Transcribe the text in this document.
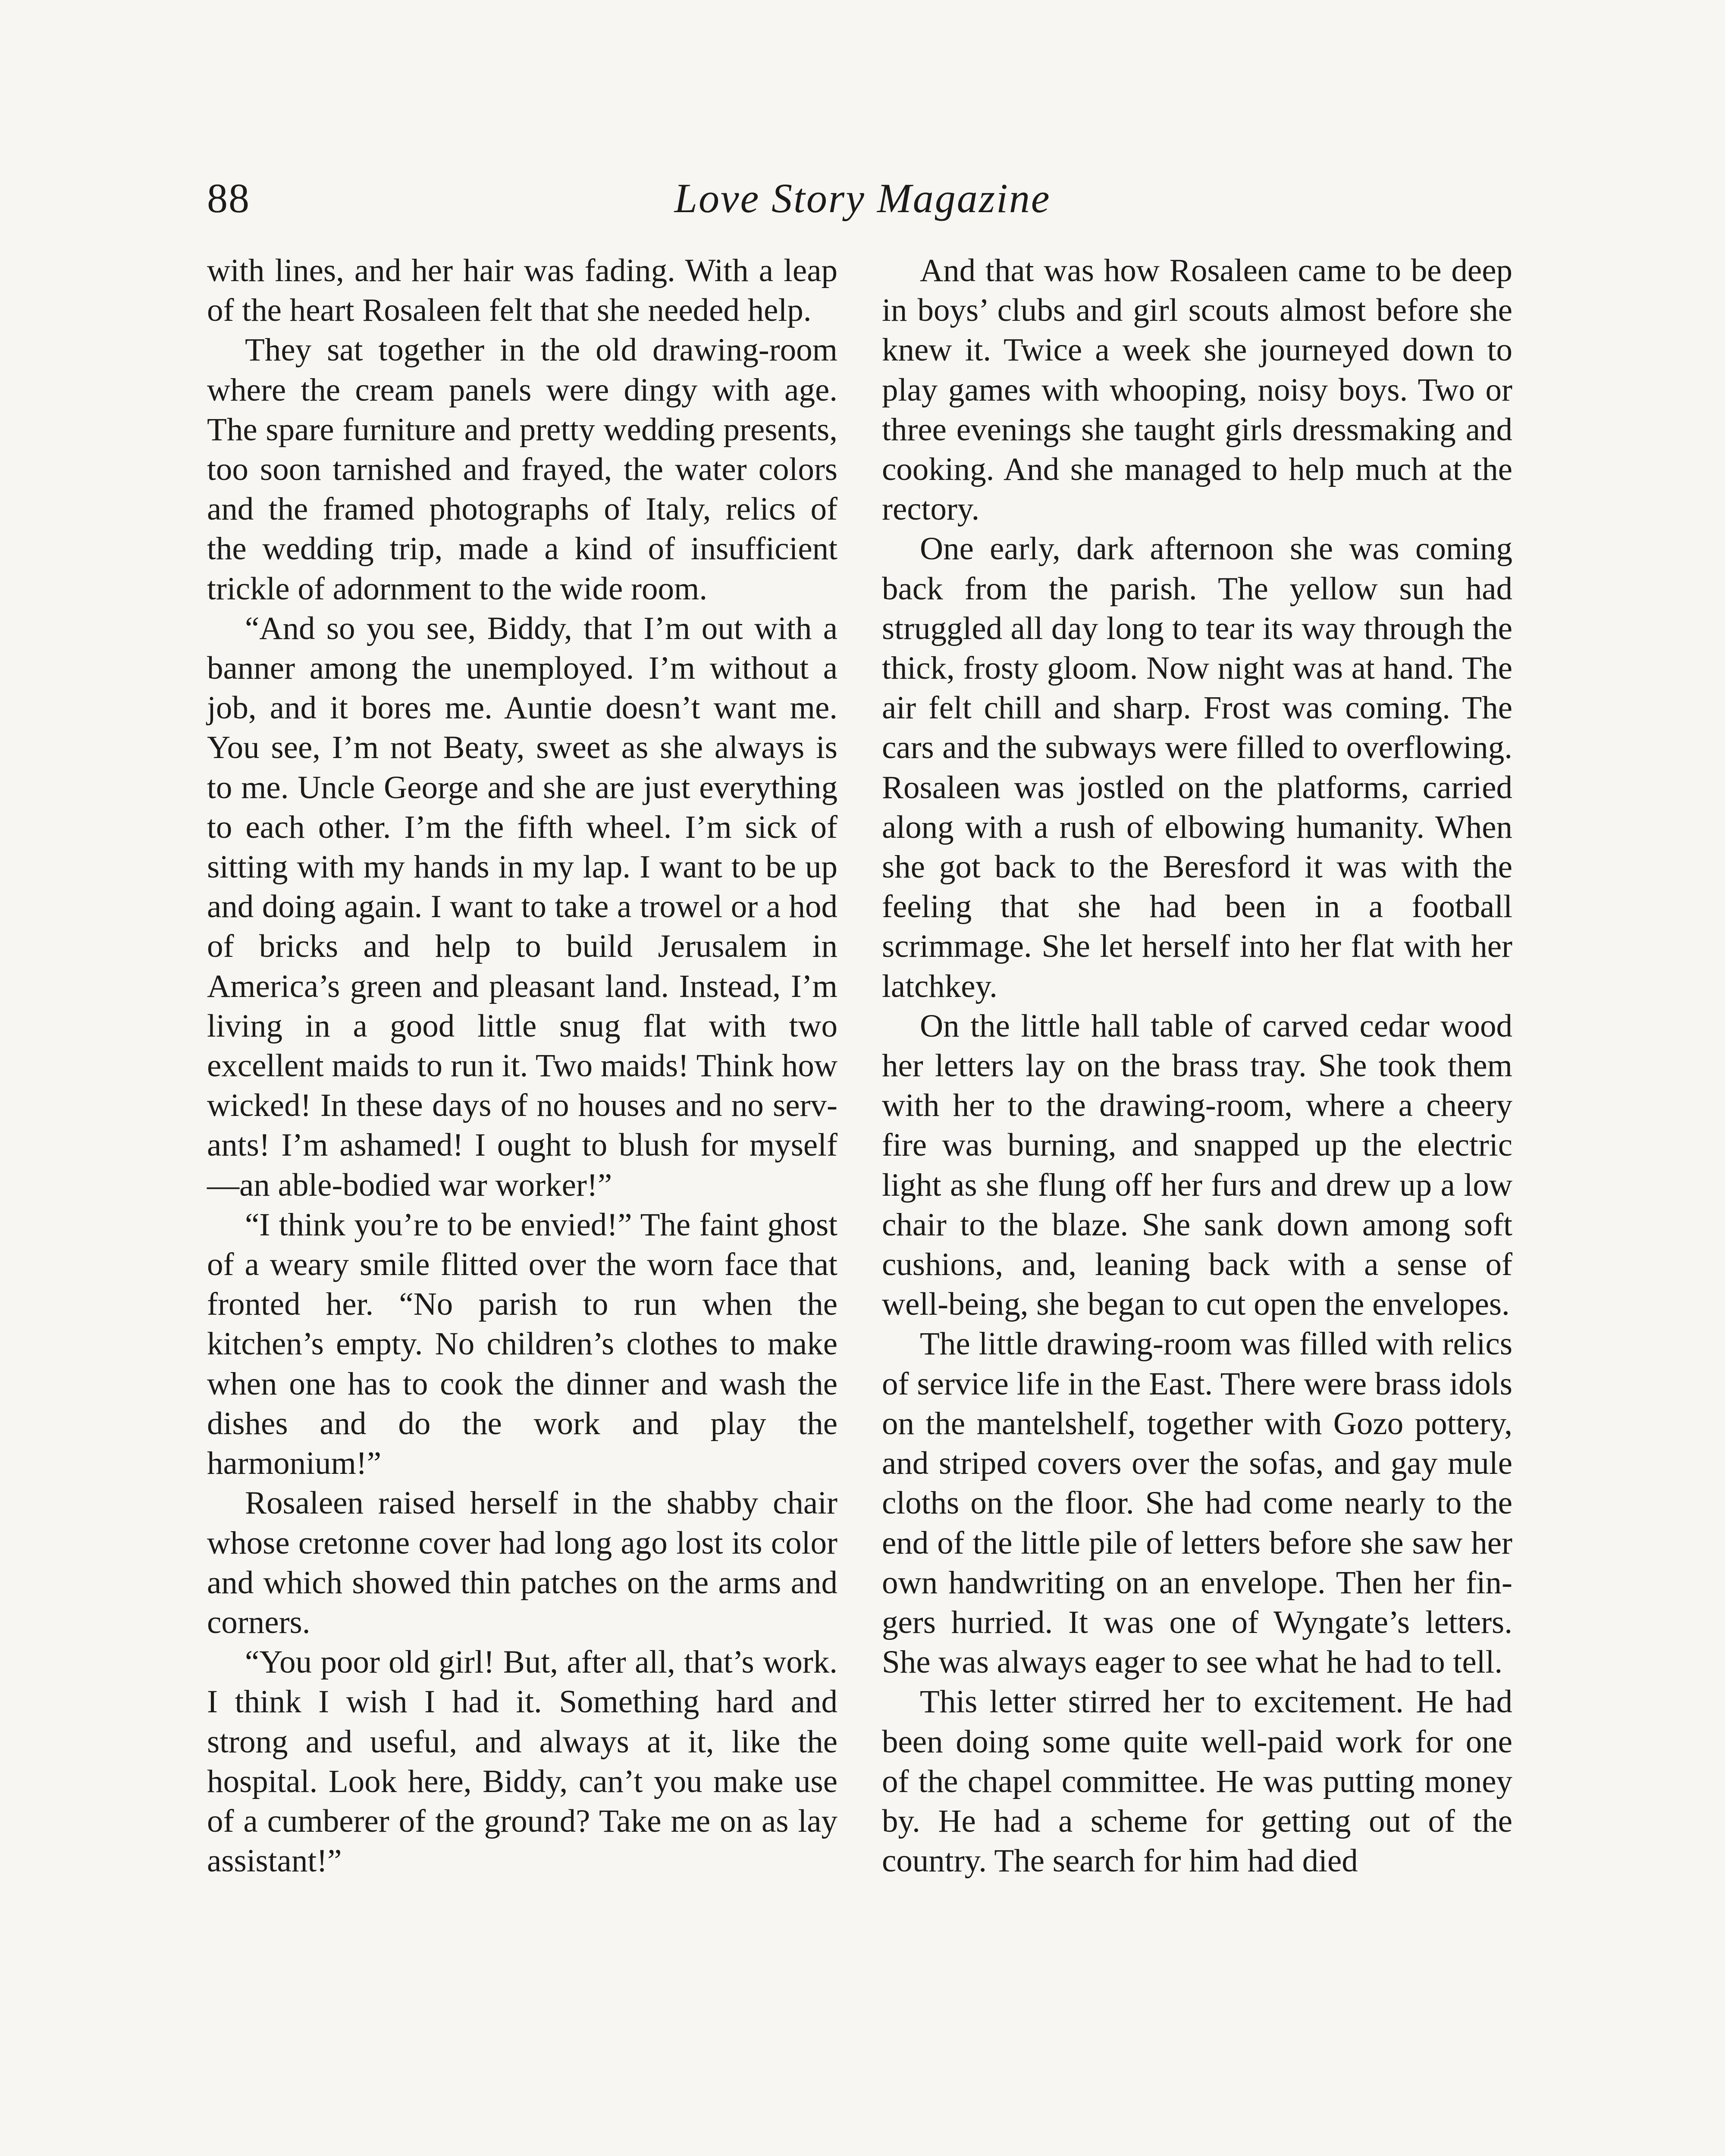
88	Love Story Magazine

with lines, and her hair was fading. With a leap of the heart Rosaleen felt that she needed help.

They sat together in the old drawing-room where the cream panels were dingy with age. The spare furniture and pretty wedding presents, too soon tarnished and frayed, the water colors and the framed photographs of Italy, relics of the wedding trip, made a kind of insufficient trickle of adornment to the wide room.

“And so you see, Biddy, that I’m out with a banner among the unemployed. I’m without a job, and it bores me. Auntie doesn’t want me. You see, I’m not Beaty, sweet as she always is to me. Uncle George and she are just everything to each other. I’m the fifth wheel. I’m sick of sitting with my hands in my lap. I want to be up and doing again. I want to take a trowel or a hod of bricks and help to build Jerusalem in America’s green and pleasant land. Instead, I’m living in a good little snug flat with two excellent maids to run it. Two maids! Think how wicked! In these days of no houses and no servants! I’m ashamed! I ought to blush for myself—an able-bodied war worker!”

“I think you’re to be envied!” The faint ghost of a weary smile flitted over the worn face that fronted her. “No parish to run when the kitchen’s empty. No children’s clothes to make when one has to cook the dinner and wash the dishes and do the work and play the harmonium!”

Rosaleen raised herself in the shabby chair whose cretonne cover had long ago lost its color and which showed thin patches on the arms and corners.

“You poor old girl! But, after all, that’s work. I think I wish I had it. Something hard and strong and useful, and always at it, like the hospital. Look here, Biddy, can’t you make use of a cumberer of the ground? Take me on as lay assistant!”

And that was how Rosaleen came to be deep in boys’ clubs and girl scouts almost before she knew it. Twice a week she journeyed down to play games with whooping, noisy boys. Two or three evenings she taught girls dressmaking and cooking. And she managed to help much at the rectory.

One early, dark afternoon she was coming back from the parish. The yellow sun had struggled all day long to tear its way through the thick, frosty gloom. Now night was at hand. The air felt chill and sharp. Frost was coming. The cars and the subways were filled to overflowing. Rosaleen was jostled on the platforms, carried along with a rush of elbowing humanity. When she got back to the Beresford it was with the feeling that she had been in a football scrimmage. She let herself into her flat with her latchkey.

On the little hall table of carved cedar wood her letters lay on the brass tray. She took them with her to the drawing-room, where a cheery fire was burning, and snapped up the electric light as she flung off her furs and drew up a low chair to the blaze. She sank down among soft cushions, and, leaning back with a sense of well-being, she began to cut open the envelopes.

The little drawing-room was filled with relics of service life in the East. There were brass idols on the mantelshelf, together with Gozo pottery, and striped covers over the sofas, and gay mule cloths on the floor. She had come nearly to the end of the little pile of letters before she saw her own handwriting on an envelope. Then her fingers hurried. It was one of Wyngate’s letters. She was always eager to see what he had to tell.

This letter stirred her to excitement. He had been doing some quite well-paid work for one of the chapel committee. He was putting money by. He had a scheme for getting out of the country. The search for him had died
